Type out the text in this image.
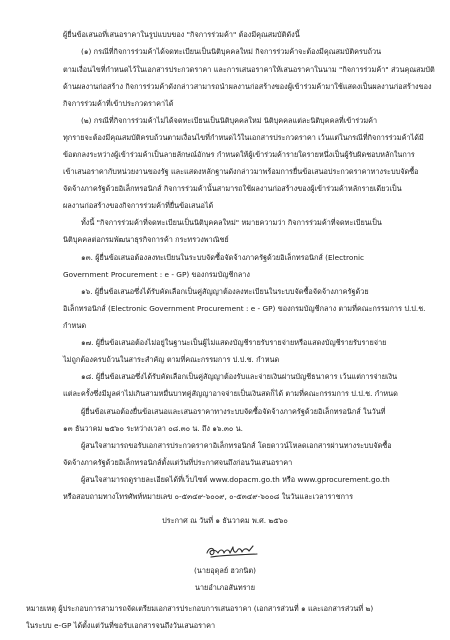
ผู้ยื่นข้อเสนอที่เสนอราคาในรูปแบบของ "กิจการร่วมค้า" ต้องมีคุณสมบัติดังนี้
(๑) กรณีที่กิจการร่วมค้าได้จดทะเบียนเป็นนิติบุคคลใหม่ กิจการร่วมค้าจะต้องมีคุณสมบัติครบถ้วน
ตามเงื่อนไขที่กำหนดไว้ในเอกสารประกวดราคา และการเสนอราคาให้เสนอราคาในนาม "กิจการร่วมค้า" ส่วนคุณสมบัติ
ด้านผลงานก่อสร้าง กิจการร่วมค้าดังกล่าวสามารถนำผลงานก่อสร้างของผู้เข้าร่วมค้ามาใช้แสดงเป็นผลงานก่อสร้างของ
กิจการร่วมค้าที่เข้าประกวดราคาได้
(๒) กรณีที่กิจการร่วมค้าไม่ได้จดทะเบียนเป็นนิติบุคคลใหม่ นิติบุคคลแต่ละนิติบุคคลที่เข้าร่วมค้า
ทุกรายจะต้องมีคุณสมบัติครบถ้วนตามเงื่อนไขที่กำหนดไว้ในเอกสารประกวดราคา เว้นแต่ในกรณีที่กิจการร่วมค้าได้มี
ข้อตกลงระหว่างผู้เข้าร่วมค้าเป็นลายลักษณ์อักษร กำหนดให้ผู้เข้าร่วมค้ารายใดรายหนึ่งเป็นผู้รับผิดชอบหลักในการ
เข้าเสนอราคากับหน่วยงานของรัฐ และแสดงหลักฐานดังกล่าวมาพร้อมการยื่นข้อเสนอประกวดราคาทางระบบจัดซื้อ
จัดจ้างภาครัฐด้วยอิเล็กทรอนิกส์ กิจการร่วมค้านั้นสามารถใช้ผลงานก่อสร้างของผู้เข้าร่วมค้าหลักรายเดียวเป็น
ผลงานก่อสร้างของกิจการร่วมค้าที่ยื่นข้อเสนอได้
ทั้งนี้ "กิจการร่วมค้าที่จดทะเบียนเป็นนิติบุคคลใหม่" หมายความว่า กิจการร่วมค้าที่จดทะเบียนเป็น
นิติบุคคลต่อกรมพัฒนาธุรกิจการค้า กระทรวงพาณิชย์
๑๓. ผู้ยื่นข้อเสนอต้องลงทะเบียนในระบบจัดซื้อจัดจ้างภาครัฐด้วยอิเล็กทรอนิกส์ (Electronic
Government Procurement : e - GP) ของกรมบัญชีกลาง
๑๖. ผู้ยื่นข้อเสนอซึ่งได้รับคัดเลือกเป็นคู่สัญญาต้องลงทะเบียนในระบบจัดซื้อจัดจ้างภาครัฐด้วย
อิเล็กทรอนิกส์ (Electronic Government Procurement : e - GP) ของกรมบัญชีกลาง ตามที่คณะกรรมการ ป.ป.ช.
กำหนด
๑๗. ผู้ยื่นข้อเสนอต้องไม่อยู่ในฐานะเป็นผู้ไม่แสดงบัญชีรายรับรายจ่ายหรือแสดงบัญชีรายรับรายจ่าย
ไม่ถูกต้องครบถ้วนในสาระสำคัญ ตามที่คณะกรรมการ ป.ป.ช. กำหนด
๑๘. ผู้ยื่นข้อเสนอซึ่งได้รับคัดเลือกเป็นคู่สัญญาต้องรับและจ่ายเงินผ่านบัญชีธนาคาร เว้นแต่การจ่ายเงิน
แต่ละครั้งซึ่งมีมูลค่าไม่เกินสามหมื่นบาทคู่สัญญาอาจจ่ายเป็นเงินสดก็ได้ ตามที่คณะกรรมการ ป.ป.ช. กำหนด
ผู้ยื่นข้อเสนอต้องยื่นข้อเสนอและเสนอราคาทางระบบจัดซื้อจัดจ้างภาครัฐด้วยอิเล็กทรอนิกส์ ในวันที่
๑๓ ธันวาคม ๒๕๖๐ ระหว่างเวลา ๐๘.๓๐ น. ถึง ๑๖.๓๐ น.
ผู้สนใจสามารถขอรับเอกสารประกวดราคาอิเล็กทรอนิกส์ โดยดาวน์โหลดเอกสารผ่านทางระบบจัดซื้อ
จัดจ้างภาครัฐด้วยอิเล็กทรอนิกส์ตั้งแต่วันที่ประกาศจนถึงก่อนวันเสนอราคา
ผู้สนใจสามารถดูรายละเอียดได้ที่เว็บไซต์ www.dopacm.go.th หรือ www.gprocurement.go.th
หรือสอบถามทางโทรศัพท์หมายเลข ๐-๕๓๔๙-๖๐๐๙, ๐-๕๓๔๙-๖๐๐๘ ในวันและเวลาราชการ
ประกาศ ณ วันที่ ๑ ธันวาคม พ.ศ. ๒๕๖๐
(นายอุดุลย์ ฮวกนิต)
นายอำเภอสันทราย
หมายเหตุ ผู้ประกอบการสามารถจัดเตรียมเอกสารประกอบการเสนอราคา (เอกสารส่วนที่ ๑ และเอกสารส่วนที่ ๒)
ในระบบ e-GP ได้ตั้งแต่วันที่ขอรับเอกสารจนถึงวันเสนอราคา
